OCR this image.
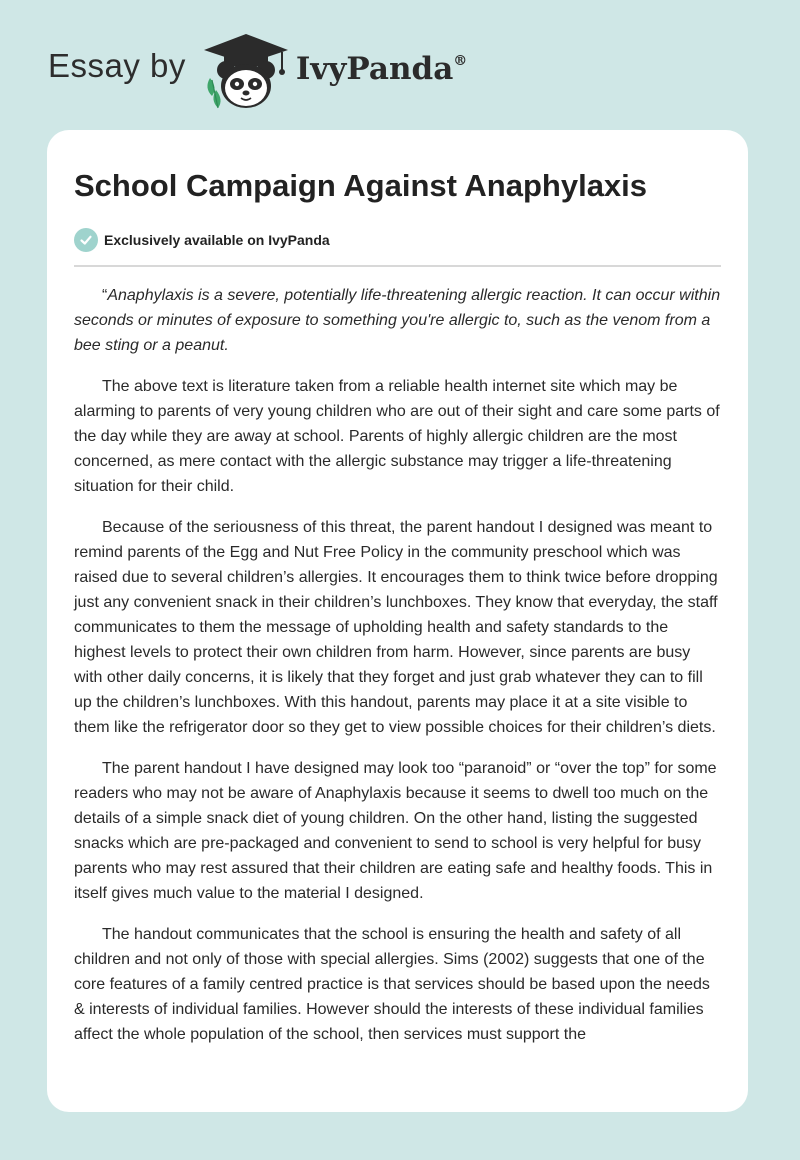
Essay by	IvyPanda®
School Campaign Against Anaphylaxis
Exclusively available on IvyPanda

“Anaphylaxis is a severe, potentially life-threatening allergic reaction. It can occur within seconds or minutes of exposure to something you're allergic to, such as the venom from a bee sting or a peanut.

The above text is literature taken from a reliable health internet site which may be alarming to parents of very young children who are out of their sight and care some parts of the day while they are away at school. Parents of highly allergic children are the most concerned, as mere contact with the allergic substance may trigger a life-threatening situation for their child.

Because of the seriousness of this threat, the parent handout I designed was meant to remind parents of the Egg and Nut Free Policy in the community preschool which was raised due to several children’s allergies. It encourages them to think twice before dropping just any convenient snack in their children’s lunchboxes. They know that everyday, the staff communicates to them the message of upholding health and safety standards to the highest levels to protect their own children from harm. However, since parents are busy with other daily concerns, it is likely that they forget and just grab whatever they can to fill up the children’s lunchboxes. With this handout, parents may place it at a site visible to them like the refrigerator door so they get to view possible choices for their children’s diets.

The parent handout I have designed may look too “paranoid” or “over the top” for some readers who may not be aware of Anaphylaxis because it seems to dwell too much on the details of a simple snack diet of young children. On the other hand, listing the suggested snacks which are pre-packaged and convenient to send to school is very helpful for busy parents who may rest assured that their children are eating safe and healthy foods. This in itself gives much value to the material I designed.

The handout communicates that the school is ensuring the health and safety of all children and not only of those with special allergies. Sims (2002) suggests that one of the core features of a family centred practice is that services should be based upon the needs & interests of individual families. However should the interests of these individual families affect the whole population of the school, then services must support the
